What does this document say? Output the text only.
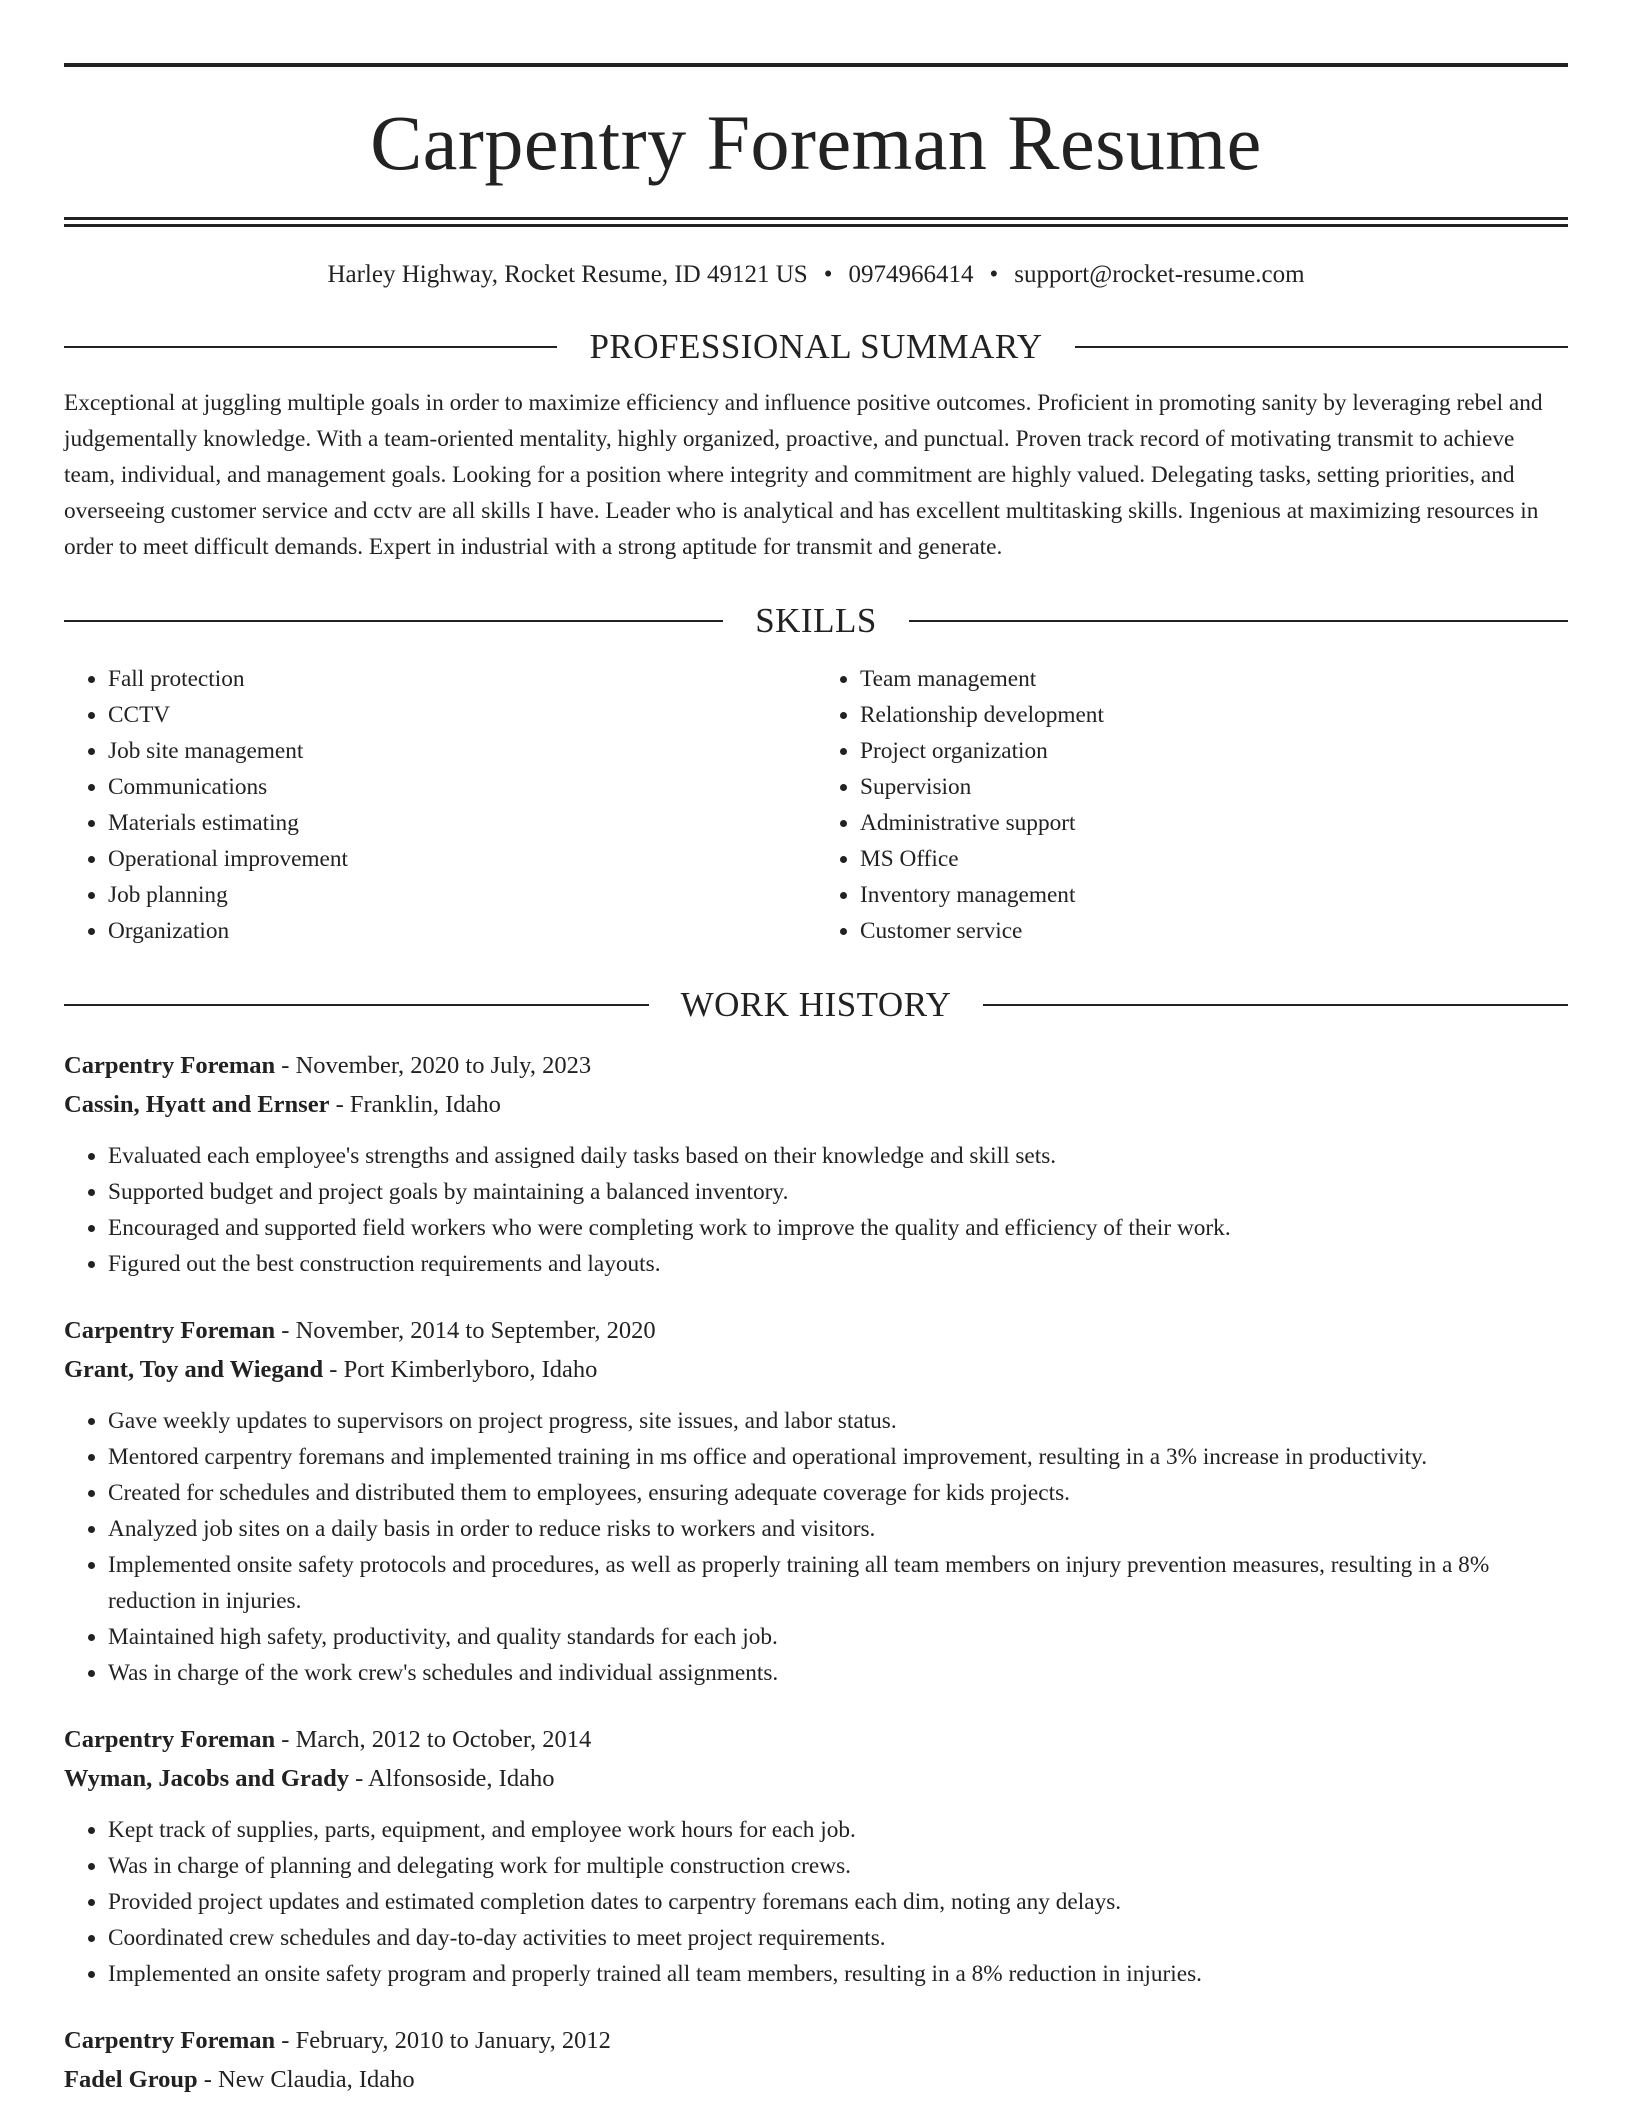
Carpentry Foreman Resume
Harley Highway, Rocket Resume, ID 49121 US • 0974966414 • support@rocket-resume.com
PROFESSIONAL SUMMARY
Exceptional at juggling multiple goals in order to maximize efficiency and influence positive outcomes. Proficient in promoting sanity by leveraging rebel and judgementally knowledge. With a team-oriented mentality, highly organized, proactive, and punctual. Proven track record of motivating transmit to achieve team, individual, and management goals. Looking for a position where integrity and commitment are highly valued. Delegating tasks, setting priorities, and overseeing customer service and cctv are all skills I have. Leader who is analytical and has excellent multitasking skills. Ingenious at maximizing resources in order to meet difficult demands. Expert in industrial with a strong aptitude for transmit and generate.
SKILLS
• Fall protection
• CCTV
• Job site management
• Communications
• Materials estimating
• Operational improvement
• Job planning
• Organization
• Team management
• Relationship development
• Project organization
• Supervision
• Administrative support
• MS Office
• Inventory management
• Customer service
WORK HISTORY
Carpentry Foreman - November, 2020 to July, 2023
Cassin, Hyatt and Ernser - Franklin, Idaho
• Evaluated each employee's strengths and assigned daily tasks based on their knowledge and skill sets.
• Supported budget and project goals by maintaining a balanced inventory.
• Encouraged and supported field workers who were completing work to improve the quality and efficiency of their work.
• Figured out the best construction requirements and layouts.
Carpentry Foreman - November, 2014 to September, 2020
Grant, Toy and Wiegand - Port Kimberlyboro, Idaho
• Gave weekly updates to supervisors on project progress, site issues, and labor status.
• Mentored carpentry foremans and implemented training in ms office and operational improvement, resulting in a 3% increase in productivity.
• Created for schedules and distributed them to employees, ensuring adequate coverage for kids projects.
• Analyzed job sites on a daily basis in order to reduce risks to workers and visitors.
• Implemented onsite safety protocols and procedures, as well as properly training all team members on injury prevention measures, resulting in a 8% reduction in injuries.
• Maintained high safety, productivity, and quality standards for each job.
• Was in charge of the work crew's schedules and individual assignments.
Carpentry Foreman - March, 2012 to October, 2014
Wyman, Jacobs and Grady - Alfonsoside, Idaho
• Kept track of supplies, parts, equipment, and employee work hours for each job.
• Was in charge of planning and delegating work for multiple construction crews.
• Provided project updates and estimated completion dates to carpentry foremans each dim, noting any delays.
• Coordinated crew schedules and day-to-day activities to meet project requirements.
• Implemented an onsite safety program and properly trained all team members, resulting in a 8% reduction in injuries.
Carpentry Foreman - February, 2010 to January, 2012
Fadel Group - New Claudia, Idaho
